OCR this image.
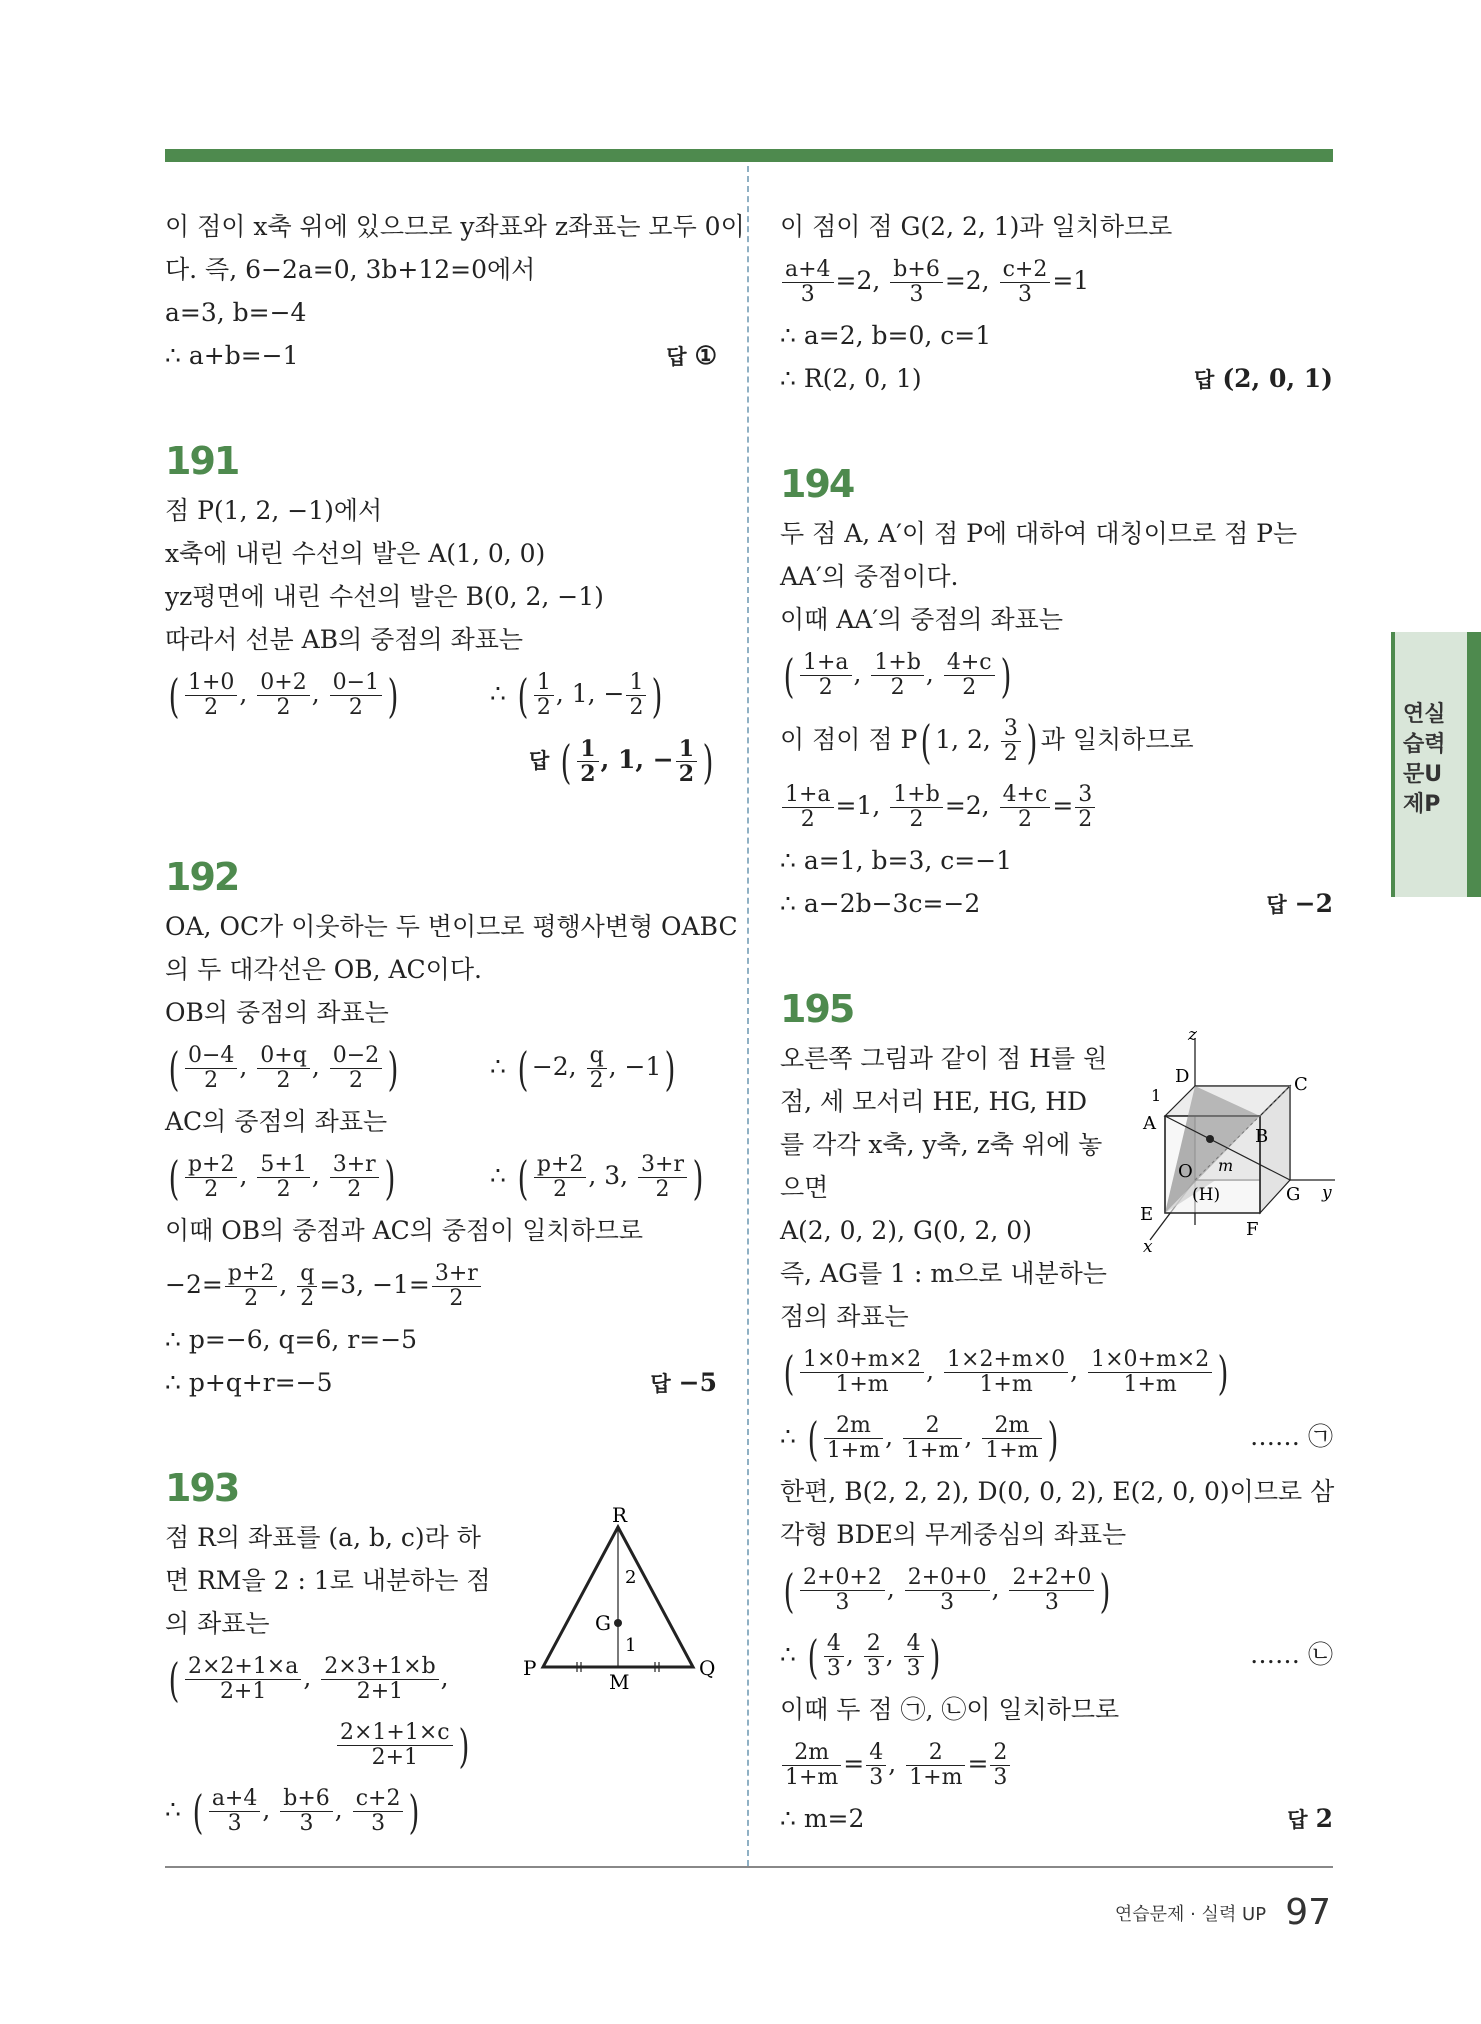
이 점이 x축 위에 있으므로 y좌표와 z좌표는 모두 0이
다. 즉, 6−2a=0, 3b+12=0에서
a=3, b=−4
∴ a+b=−1	답 ①
191
점 P(1, 2, −1)에서
x축에 내린 수선의 발은 A(1, 0, 0)
yz평면에 내린 수선의 발은 B(0, 2, −1)
따라서 선분 AB의 중점의 좌표는
( $\frac{1+0}{2}$ , $\frac{0+2}{2}$ , $\frac{0-1}{2}$ )	∴ ( $\frac{1}{2}$ , 1, − $\frac{1}{2}$ )
답 ( $\frac{1}{2}$ , 1, − $\frac{1}{2}$ )
192
OA, OC가 이웃하는 두 변이므로 평행사변형 OABC
의 두 대각선은 OB, AC이다.
OB의 중점의 좌표는
( $\frac{0-4}{2}$ , $\frac{0+q}{2}$ , $\frac{0-2}{2}$ )	∴ ( −2, $\frac{q}{2}$ , −1)
AC의 중점의 좌표는
( $\frac{p+2}{2}$ , $\frac{5+1}{2}$ , $\frac{3+r}{2}$ )	∴ ( $\frac{p+2}{2}$ , 3, $\frac{3+r}{2}$ )
이때 OB의 중점과 AC의 중점이 일치하므로
$-2= \frac{p+2}{2}$ , $\frac{q}{2} =3$, $-1= \frac{3+r}{2}$
∴ p=−6, q=6, r=−5
∴ p+q+r=−5	답 −5
193
점 R의 좌표를 (a, b, c)라 하
면 RM을 2 : 1로 내분하는 점
의 좌표는
( $\frac{2\times 2+1\times a}{2+1}$ , $\frac{2\times 3+1\times b}{2+1}$ ,
$\frac{2\times 1+1\times c}{2+1}$ )
∴ ( $\frac{a+4}{3}$ , $\frac{b+6}{3}$ , $\frac{c+2}{3}$ )
R
G
P
M
Q
2
1
이 점이 점 G(2, 2, 1)과 일치하므로
$\frac{a+4}{3} =2$, $\frac{b+6}{3} =2$, $\frac{c+2}{3} =1$
∴ a=2, b=0, c=1
∴ R(2, 0, 1)	답 (2, 0, 1)
194
두 점 A, A′이 점 P에 대하여 대칭이므로 점 P는
AA′의 중점이다.
이때 AA′의 중점의 좌표는
( $\frac{1+a}{2}$ , $\frac{1+b}{2}$ , $\frac{4+c}{2}$ )
이 점이 점 P( 1, 2, $\frac{3}{2}$ ) 과 일치하므로
$\frac{1+a}{2} =1$, $\frac{1+b}{2} =2$, $\frac{4+c}{2} = \frac{3}{2}$
∴ a=1, b=3, c=−1
∴ a−2b−3c=−2	답 −2
195
오른쪽 그림과 같이 점 H를 원
점, 세 모서리 HE, HG, HD
를 각각 x축, y축, z축 위에 놓
으면
A(2, 0, 2), G(0, 2, 0)
즉, AG를 1 : m으로 내분하는
점의 좌표는
( $\frac{1\times 0+m\times 2}{1+m}$ , $\frac{1\times 2+m\times 0}{1+m}$ , $\frac{1\times 0+m\times 2}{1+m}$ )
∴ ( $\frac{2m}{1+m}$ , $\frac{2}{1+m}$ , $\frac{2m}{1+m}$ )	…… ㉠
한편, B(2, 2, 2), D(0, 0, 2), E(2, 0, 0)이므로 삼
각형 BDE의 무게중심의 좌표는
( $\frac{2+0+2}{3}$ , $\frac{2+0+0}{3}$ , $\frac{2+2+0}{3}$ )
∴ ( $\frac{4}{3}$ , $\frac{2}{3}$ , $\frac{4}{3}$ )	…… ㉡
이때 두 점 ㉠, ㉡이 일치하므로
$\frac{2m}{1+m} = \frac{4}{3}$ , $\frac{2}{1+m} = \frac{2}{3}$
∴ m=2	답 2
z
D	C
1
A
B
O m
(H)
E
G y
F
x
연실
습력
문U
제P
연습문제 · 실력 UP 97
